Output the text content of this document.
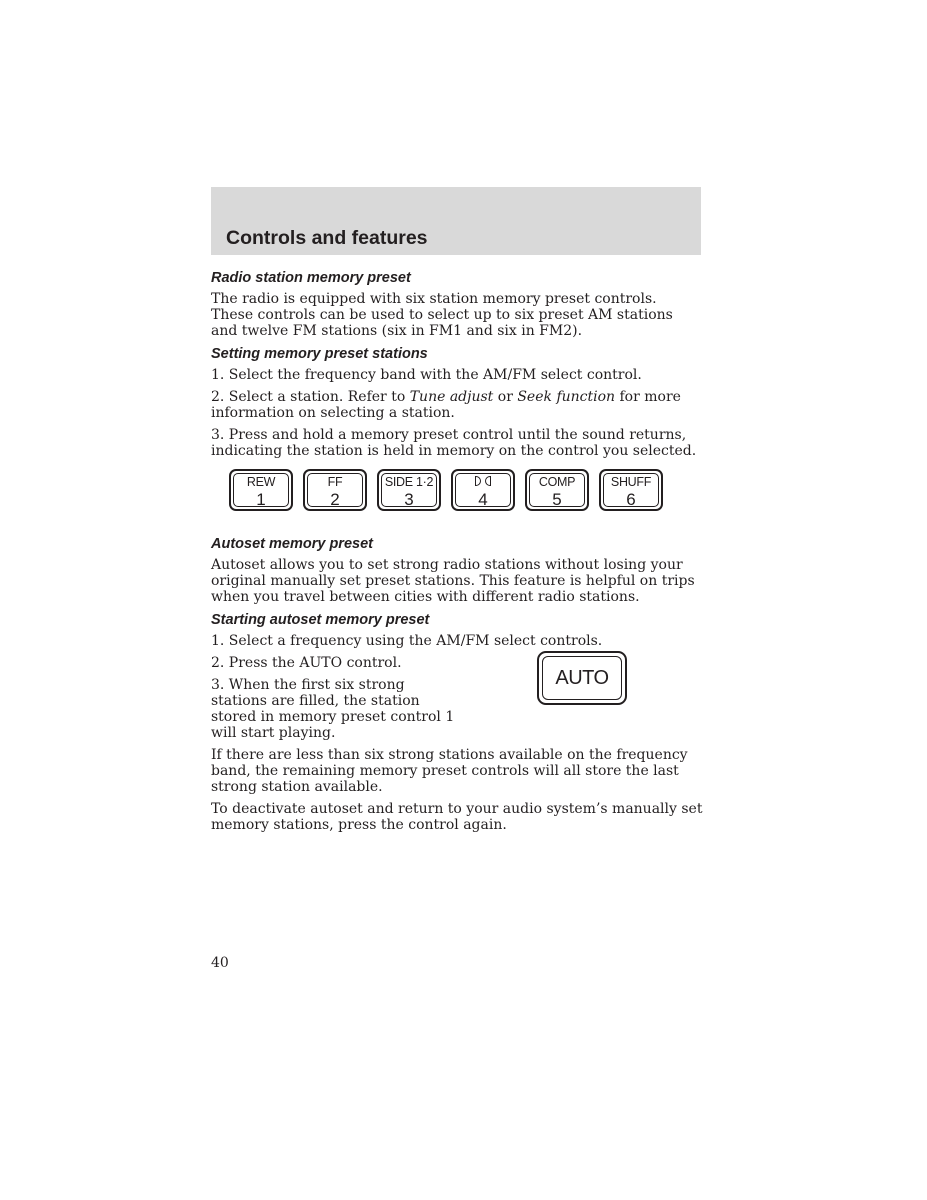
Controls and features
Radio station memory preset

The radio is equipped with six station memory preset controls. These controls can be used to select up to six preset AM stations and twelve FM stations (six in FM1 and six in FM2).

Setting memory preset stations

1. Select the frequency band with the AM/FM select control.

2. Select a station. Refer to Tune adjust or Seek function for more information on selecting a station.

3. Press and hold a memory preset control until the sound returns, indicating the station is held in memory on the control you selected.

REW
1
FF
2
SIDE 1·2
3	4
COMP
5
SHUFF
6
Autoset memory preset

Autoset allows you to set strong radio stations without losing your original manually set preset stations. This feature is helpful on trips when you travel between cities with different radio stations.

Starting autoset memory preset

1. Select a frequency using the AM/FM select controls.

2. Press the AUTO control.

3. When the first six strong stations are filled, the station stored in memory preset control 1 will start playing.

AUTO

If there are less than six strong stations available on the frequency band, the remaining memory preset controls will all store the last strong station available.

To deactivate autoset and return to your audio system’s manually set memory stations, press the control again.

40
